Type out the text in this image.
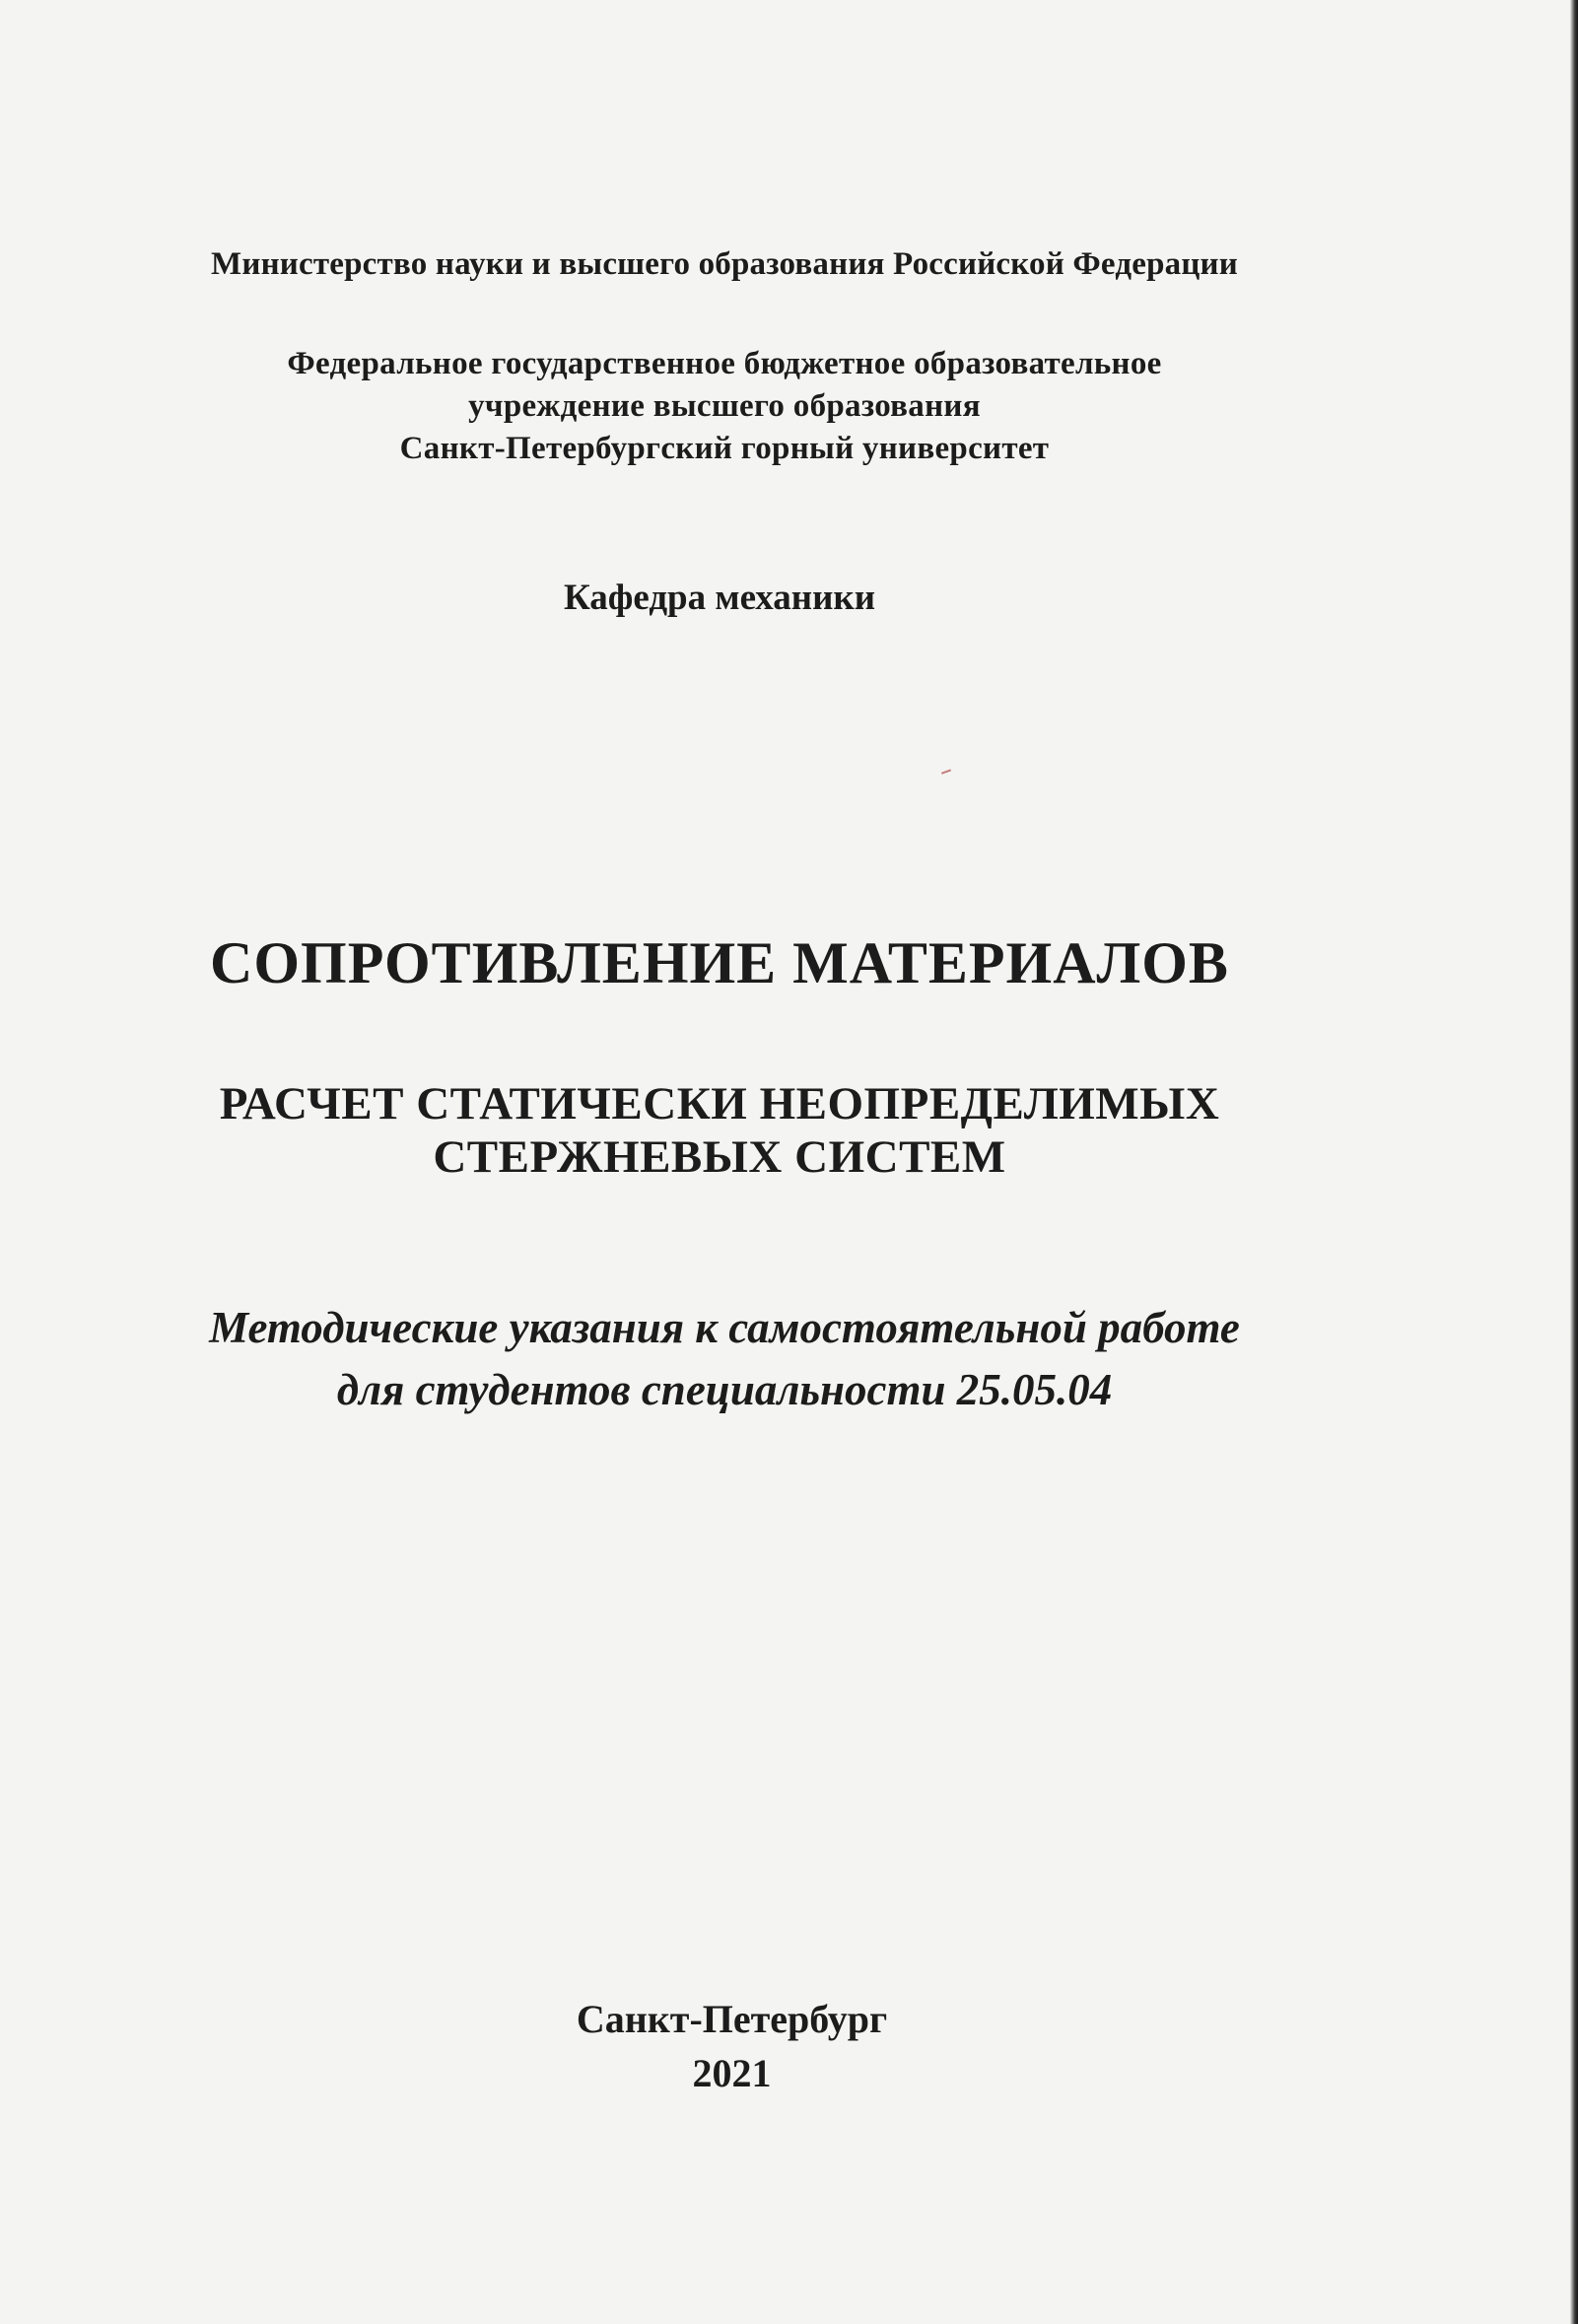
Министерство науки и высшего образования Российской Федерации
Федеральное государственное бюджетное образовательное
учреждение высшего образования
Санкт-Петербургский горный университет
Кафедра механики
СОПРОТИВЛЕНИЕ МАТЕРИАЛОВ
РАСЧЕТ СТАТИЧЕСКИ НЕОПРЕДЕЛИМЫХ
СТЕРЖНЕВЫХ СИСТЕМ
Методические указания к самостоятельной работе
для студентов специальности 25.05.04
Санкт-Петербург
2021
